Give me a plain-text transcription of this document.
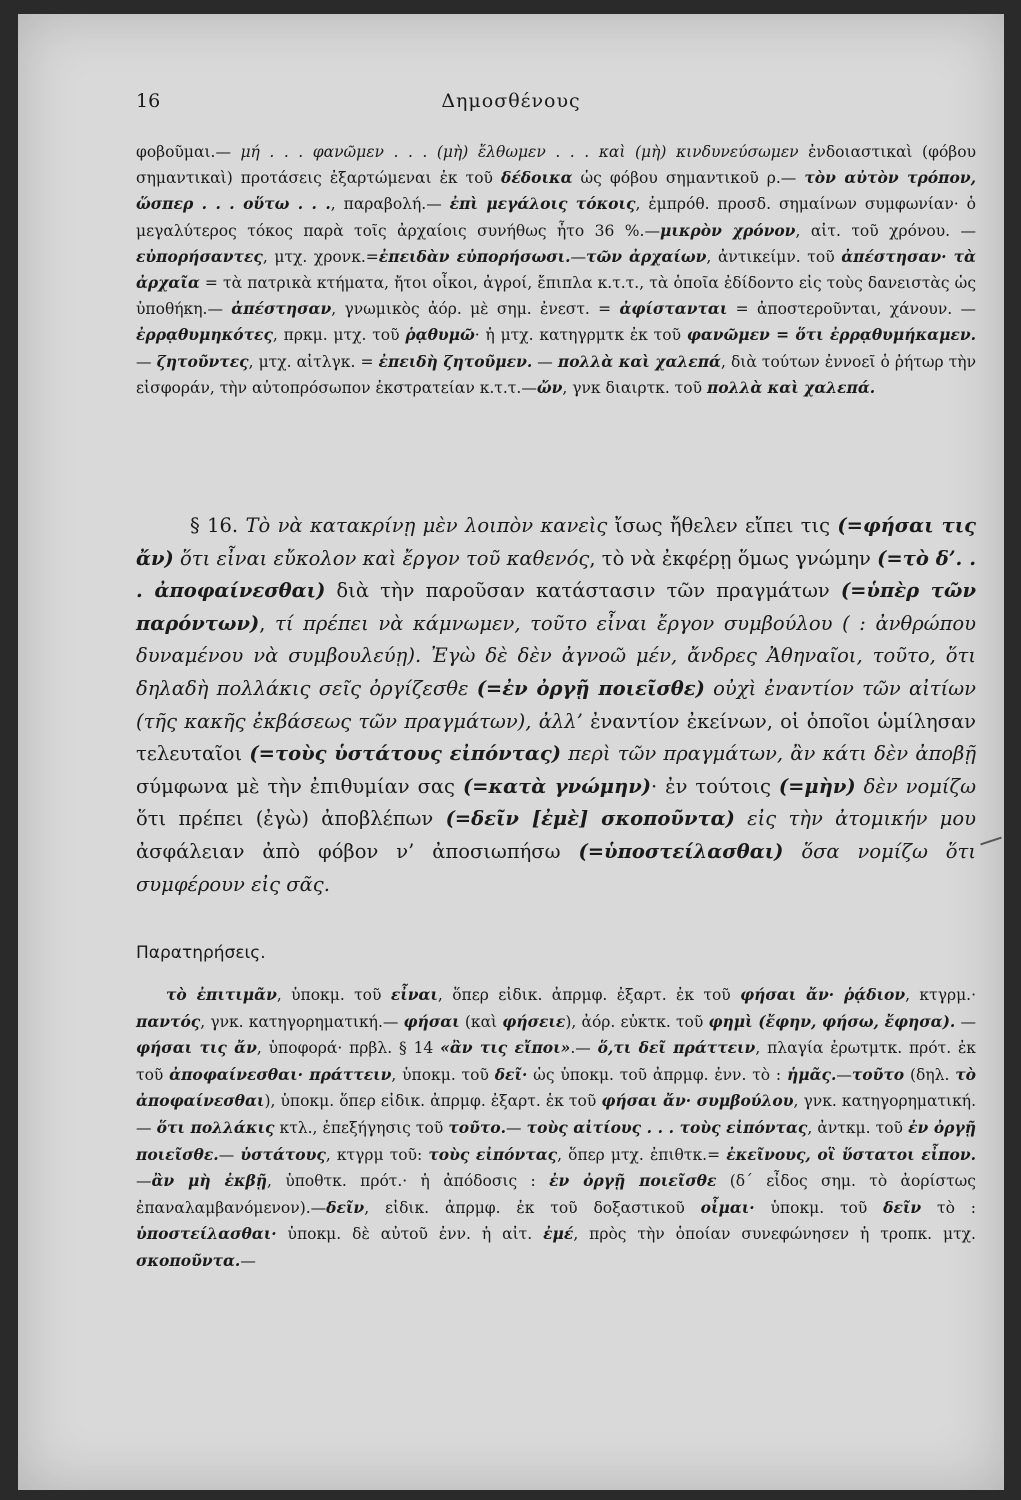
16	Δημοσθένους

φοβοῦμαι.— μή . . . φανῶμεν . . . (μὴ) ἔλθωμεν . . . καὶ (μὴ) κινδυνεύσωμεν ἐνδοιαστικαὶ (φόβου σημαντικαὶ) προτάσεις ἐξαρτώμεναι ἐκ τοῦ δέδοικα ὡς φόβου σημαντικοῦ ρ.— τὸν αὐτὸν τρόπον, ὥσπερ . . . οὕτω . . ., παραβολή.— ἐπὶ μεγάλοις τόκοις, ἐμπρόθ. προσδ. σημαίνων συμφωνίαν· ὁ μεγαλύτερος τόκος παρὰ τοῖς ἀρχαίοις συνήθως ἦτο 36 %.—μικρὸν χρόνον, αἰτ. τοῦ χρόνου. —εὐπορήσαντες, μτχ. χρονκ.=ἐπειδὰν εὐπορήσωσι.—τῶν ἀρχαίων, ἀντικείμν. τοῦ ἀπέστησαν· τὰ ἀρχαῖα = τὰ πατρικὰ κτήματα, ἤτοι οἶκοι, ἀγροί, ἔπιπλα κ.τ.τ., τὰ ὁποῖα ἐδίδοντο εἰς τοὺς δανειστὰς ὡς ὑποθήκη.— ἀπέστησαν, γνωμικὸς ἀόρ. μὲ σημ. ἐνεστ. = ἀφίστανται = ἀποστεροῦνται, χάνουν. — ἐρρᾳθυμηκότες, πρκμ. μτχ. τοῦ ῥᾳθυμῶ· ἡ μτχ. κατηγρμτκ ἐκ τοῦ φανῶμεν = ὅτι ἐρρᾳθυμήκαμεν. — ζητοῦντες, μτχ. αἰτλγκ. = ἐπειδὴ ζητοῦμεν. — πολλὰ καὶ χαλεπά, διὰ τούτων ἐννοεῖ ὁ ῥήτωρ τὴν εἰσφοράν, τὴν αὐτοπρόσωπον ἐκστρατείαν κ.τ.τ.—ὤν, γνκ διαιρτκ. τοῦ πολλὰ καὶ χαλεπά.

§ 16. Τὸ νὰ κατακρίνῃ μὲν λοιπὸν κανεὶς ἴσως ἤθελεν εἴπει τις (=φήσαι τις ἄν) ὅτι εἶναι εὔκολον καὶ ἔργον τοῦ καθενός, τὸ νὰ ἐκφέρῃ ὅμως γνώμην (=τὸ δ’. . . ἀποφαίνεσθαι) διὰ τὴν παροῦσαν κατάστασιν τῶν πραγμάτων (=ὑπὲρ τῶν παρόντων), τί πρέπει νὰ κάμνωμεν, τοῦτο εἶναι ἔργον συμβούλου ( : ἀνθρώπου δυναμένου νὰ συμβουλεύῃ). Ἐγὼ δὲ δὲν ἀγνοῶ μέν, ἄνδρες Ἀθηναῖοι, τοῦτο, ὅτι δηλαδὴ πολλάκις σεῖς ὀργίζεσθε (=ἐν ὀργῇ ποιεῖσθε) οὐχὶ ἐναντίον τῶν αἰτίων (τῆς κακῆς ἐκβάσεως τῶν πραγμάτων), ἀλλ’ ἐναντίον ἐκείνων, οἱ ὁποῖοι ὡμίλησαν τελευταῖοι (=τοὺς ὑστάτους εἰπόντας) περὶ τῶν πραγμάτων, ἂν κάτι δὲν ἀποβῇ σύμφωνα μὲ τὴν ἐπιθυμίαν σας (=κατὰ γνώμην)· ἐν τούτοις (=μὴν) δὲν νομίζω ὅτι πρέπει (ἐγὼ) ἀποβλέπων (=δεῖν [ἐμὲ] σκοποῦντα) εἰς τὴν ἀτομικήν μου ἀσφάλειαν ἀπὸ φόβον ν’ ἀποσιωπήσω (=ὑποστείλασθαι) ὅσα νομίζω ὅτι συμφέρουν εἰς σᾶς.

Παρατηρήσεις.

τὸ ἐπιτιμᾶν, ὑποκμ. τοῦ εἶναι, ὅπερ εἰδικ. ἀπρμφ. ἐξαρτ. ἐκ τοῦ φήσαι ἄν· ῥᾴδιον, κτγρμ.· παντός, γνκ. κατηγορηματική.— φήσαι (καὶ φήσειε), ἀόρ. εὐκτκ. τοῦ φημὶ (ἔφην, φήσω, ἔφησα). — φήσαι τις ἄν, ὑποφορά· πρβλ. § 14 «ἂν τις εἴποι».— ὅ,τι δεῖ πράττειν, πλαγία ἐρωτμτκ. πρότ. ἐκ τοῦ ἀποφαίνεσθαι· πράττειν, ὑποκμ. τοῦ δεῖ· ὡς ὑποκμ. τοῦ ἀπρμφ. ἐνν. τὸ : ἡμᾶς.—τοῦτο (δηλ. τὸ ἀποφαίνεσθαι), ὑποκμ. ὅπερ εἰδικ. ἀπρμφ. ἐξαρτ. ἐκ τοῦ φήσαι ἄν· συμβούλου, γνκ. κατηγορηματική. — ὅτι πολλάκις κτλ., ἐπεξήγησις τοῦ τοῦτο.— τοὺς αἰτίους . . . τοὺς εἰπόντας, ἀντκμ. τοῦ ἐν ὀργῇ ποιεῖσθε.— ὑστάτους, κτγρμ τοῦ: τοὺς εἰπόντας, ὅπερ μτχ. ἐπιθτκ.= ἐκεῖνους, οἳ ὕστατοι εἶπον.—ἂν μὴ ἐκβῇ, ὑποθτκ. πρότ.· ἡ ἀπόδοσις : ἐν ὀργῇ ποιεῖσθε (δ΄ εἶδος σημ. τὸ ἀορίστως ἐπαναλαμβανόμενον).—δεῖν, εἰδικ. ἀπρμφ. ἐκ τοῦ δοξαστικοῦ οἶμαι· ὑποκμ. τοῦ δεῖν τὸ : ὑποστείλασθαι· ὑποκμ. δὲ αὐτοῦ ἐνν. ἡ αἰτ. ἐμέ, πρὸς τὴν ὁποίαν συνεφώνησεν ἡ τροπκ. μτχ. σκοποῦντα.—
